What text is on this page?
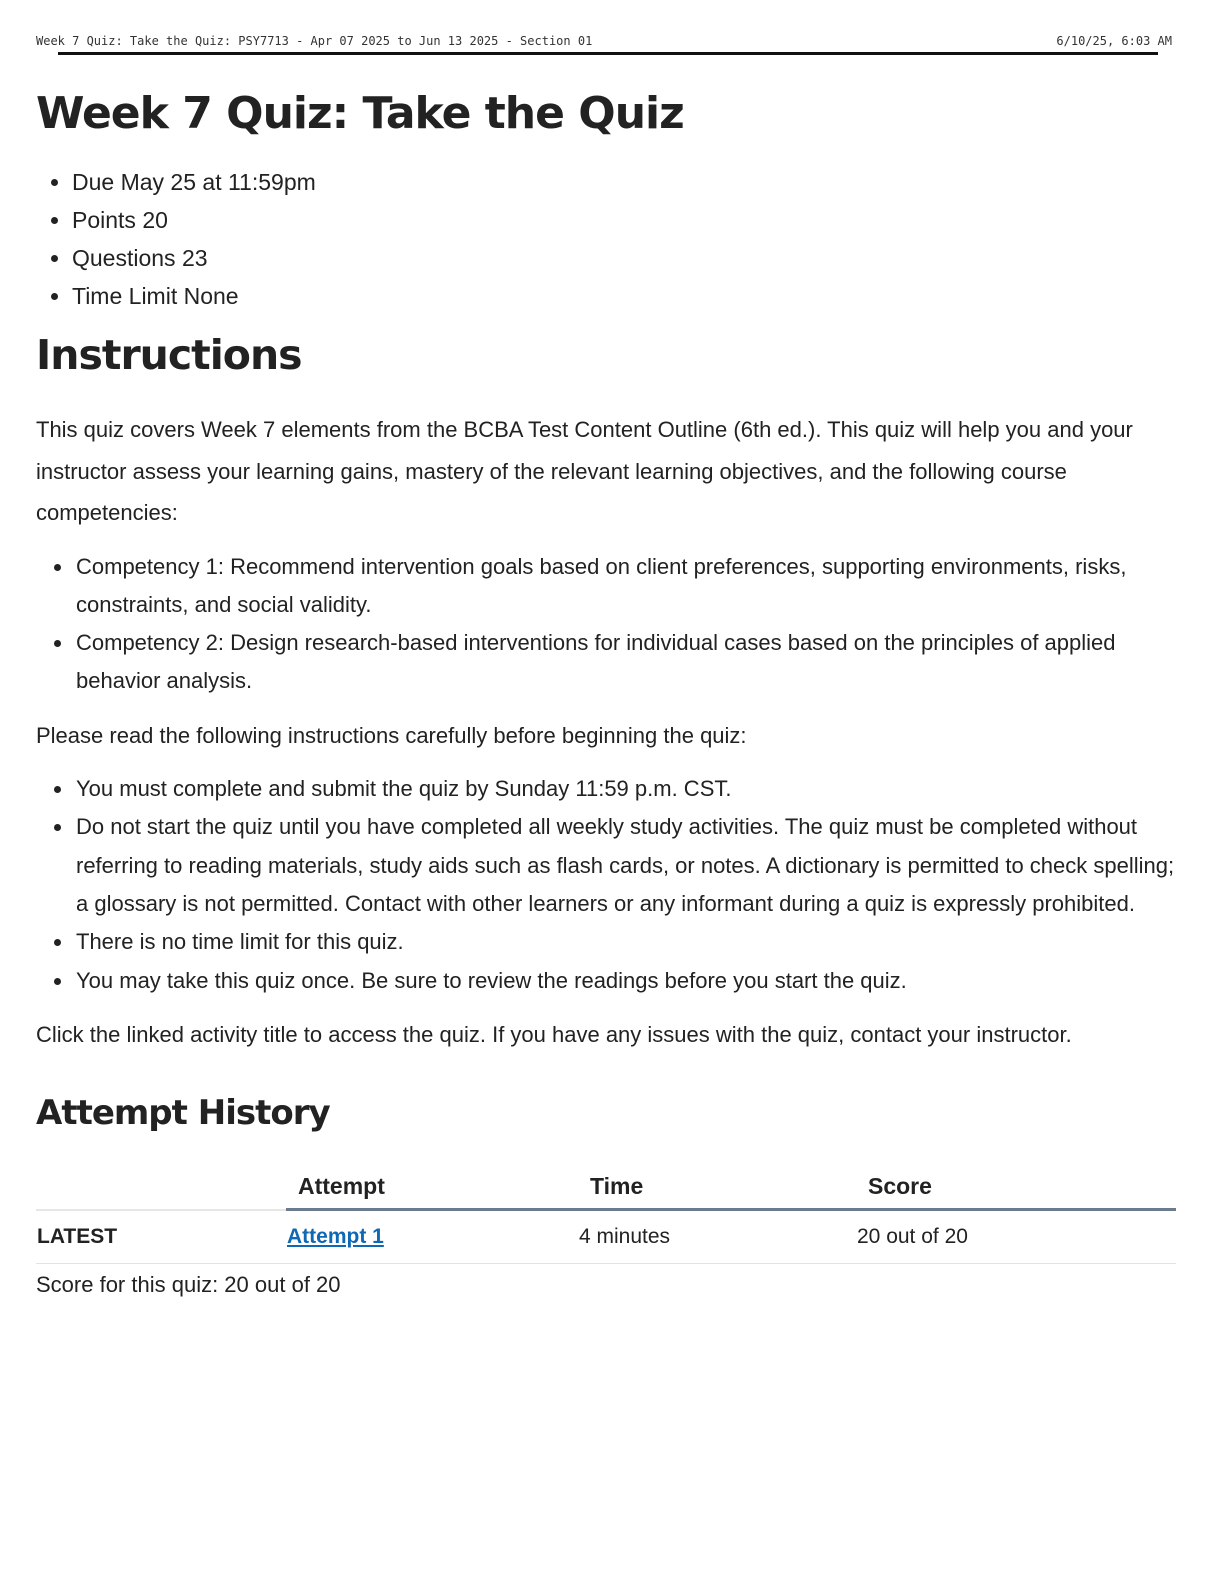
Week 7 Quiz: Take the Quiz: PSY7713 - Apr 07 2025 to Jun 13 2025 - Section 01	6/10/25, 6:03 AM
Week 7 Quiz: Take the Quiz
• Due May 25 at 11:59pm
• Points 20
• Questions 23
• Time Limit None
Instructions

This quiz covers Week 7 elements from the BCBA Test Content Outline (6th ed.). This quiz will help you and your instructor assess your learning gains, mastery of the relevant learning objectives, and the following course competencies:

• Competency 1: Recommend intervention goals based on client preferences, supporting environments, risks, constraints, and social validity.
• Competency 2: Design research-based interventions for individual cases based on the principles of applied behavior analysis.

Please read the following instructions carefully before beginning the quiz:

• You must complete and submit the quiz by Sunday 11:59 p.m. CST.
• Do not start the quiz until you have completed all weekly study activities. The quiz must be completed without referring to reading materials, study aids such as flash cards, or notes. A dictionary is permitted to check spelling; a glossary is not permitted. Contact with other learners or any informant during a quiz is expressly prohibited.
• There is no time limit for this quiz.
• You may take this quiz once. Be sure to review the readings before you start the quiz.

Click the linked activity title to access the quiz. If you have any issues with the quiz, contact your instructor.

Attempt History
	Attempt	Time	Score
LATEST	Attempt 1	4 minutes	20 out of 20
Score for this quiz: 20 out of 20
